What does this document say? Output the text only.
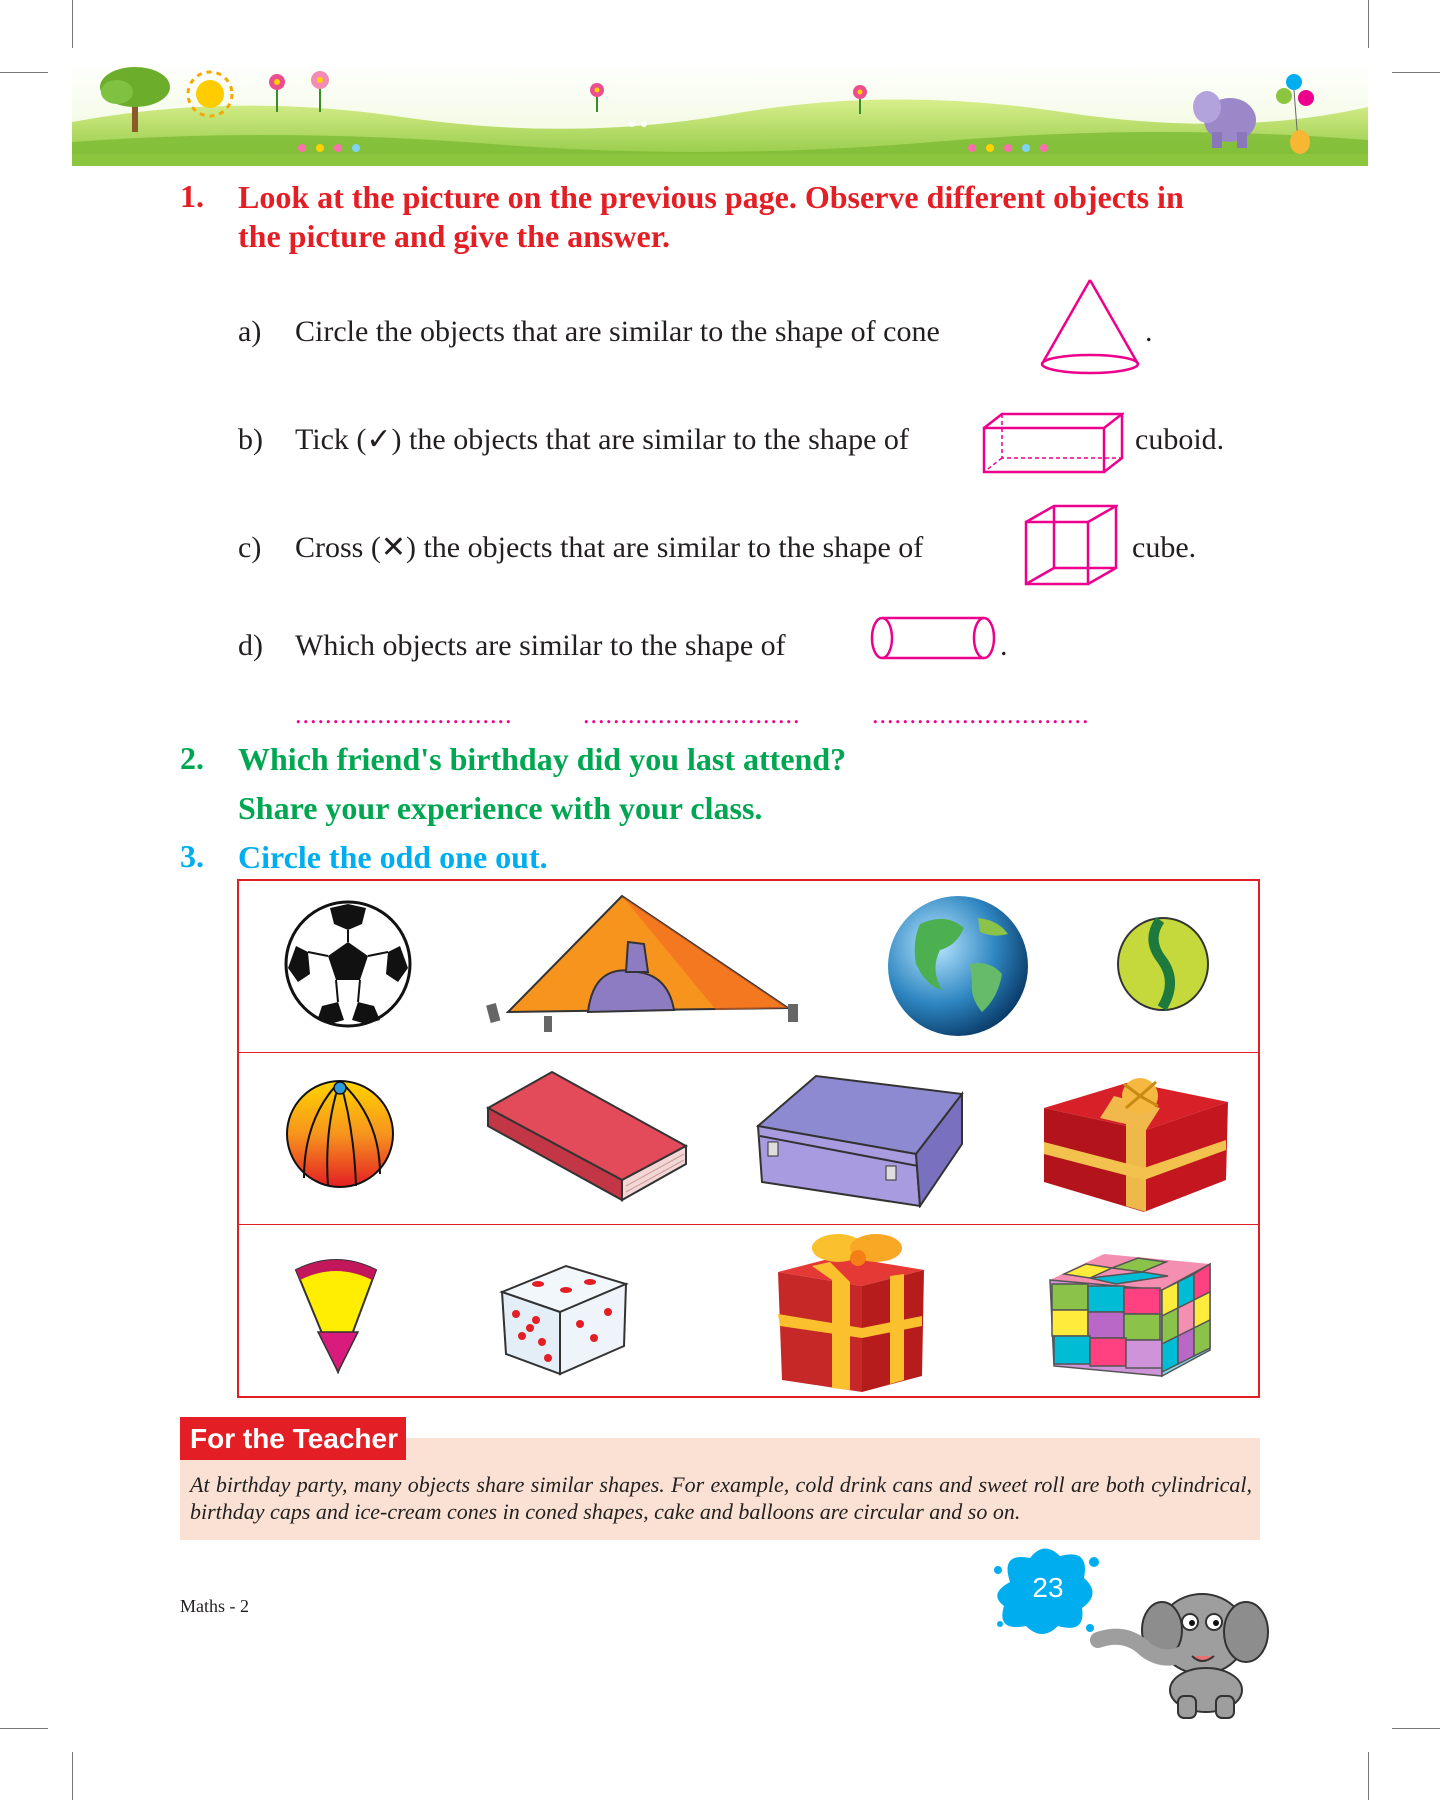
1. Look at the picture on the previous page. Observe different objects in
the picture and give the answer.
a) Circle the objects that are similar to the shape of cone	.
b) Tick (✓) the objects that are similar to the shape of	cuboid.
c) Cross (✕) the objects that are similar to the shape of	cube.
d) Which objects are similar to the shape of	.
.............................	.............................	.............................
2. Which friend's birthday did you last attend?
Share your experience with your class.
3. Circle the odd one out.
For the Teacher
At birthday party, many objects share similar shapes. For example, cold drink cans and sweet roll are both cylindrical, birthday caps and ice-cream cones in coned shapes, cake and balloons are circular and so on.
Maths - 2
23
